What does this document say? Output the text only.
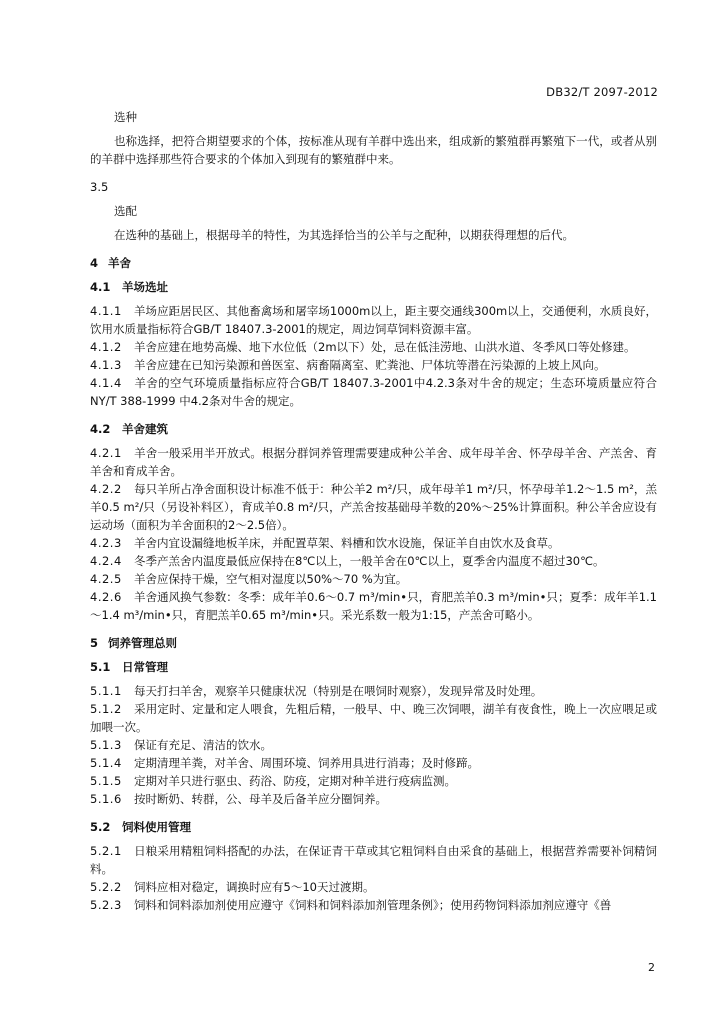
DB32/T 2097-2012

选种

也称选择，把符合期望要求的个体，按标准从现有羊群中选出来，组成新的繁殖群再繁殖下一代，或者从别的羊群中选择那些符合要求的个体加入到现有的繁殖群中来。

3.5

选配

在选种的基础上，根据母羊的特性，为其选择恰当的公羊与之配种，以期获得理想的后代。

4 羊舍

4.1 羊场选址

4.1.1 羊场应距居民区、其他畜禽场和屠宰场1000m以上，距主要交通线300m以上，交通便利，水质良好，饮用水质量指标符合GB/T 18407.3-2001的规定，周边饲草饲料资源丰富。

4.1.2 羊舍应建在地势高燥、地下水位低（2m以下）处，忌在低洼涝地、山洪水道、冬季风口等处修建。

4.1.3 羊舍应建在已知污染源和兽医室、病畜隔离室、贮粪池、尸体坑等潜在污染源的上坡上风向。

4.1.4 羊舍的空气环境质量指标应符合GB/T 18407.3-2001中4.2.3条对牛舍的规定；生态环境质量应符合NY/T 388-1999 中4.2条对牛舍的规定。

4.2 羊舍建筑

4.2.1 羊舍一般采用半开放式。根据分群饲养管理需要建成种公羊舍、成年母羊舍、怀孕母羊舍、产羔舍、育羊舍和育成羊舍。

4.2.2 每只羊所占净舍面积设计标准不低于：种公羊2 m²/只，成年母羊1 m²/只，怀孕母羊1.2～1.5 m²，羔羊0.5 m²/只（另设补料区），育成羊0.8 m²/只，产羔舍按基础母羊数的20%～25%计算面积。种公羊舍应设有运动场（面积为羊舍面积的2～2.5倍）。

4.2.3 羊舍内宜设漏缝地板羊床，并配置草架、料槽和饮水设施，保证羊自由饮水及食草。

4.2.4 冬季产羔舍内温度最低应保持在8℃以上，一般羊舍在0℃以上，夏季舍内温度不超过30℃。

4.2.5 羊舍应保持干燥，空气相对湿度以50%～70 %为宜。

4.2.6 羊舍通风换气参数：冬季：成年羊0.6～0.7 m³/min•只，育肥羔羊0.3 m³/min•只；夏季：成年羊1.1～1.4 m³/min•只，育肥羔羊0.65 m³/min•只。采光系数一般为1:15，产羔舍可略小。

5 饲养管理总则

5.1 日常管理

5.1.1 每天打扫羊舍，观察羊只健康状况（特别是在喂饲时观察），发现异常及时处理。

5.1.2 采用定时、定量和定人喂食，先粗后精，一般早、中、晚三次饲喂，湖羊有夜食性，晚上一次应喂足或加喂一次。

5.1.3 保证有充足、清洁的饮水。

5.1.4 定期清理羊粪，对羊舍、周围环境、饲养用具进行消毒；及时修蹄。

5.1.5 定期对羊只进行驱虫、药浴、防疫，定期对种羊进行疫病监测。

5.1.6 按时断奶、转群，公、母羊及后备羊应分圈饲养。

5.2 饲料使用管理

5.2.1 日粮采用精粗饲料搭配的办法，在保证青干草或其它粗饲料自由采食的基础上，根据营养需要补饲精饲料。

5.2.2 饲料应相对稳定，调换时应有5～10天过渡期。

5.2.3 饲料和饲料添加剂使用应遵守《饲料和饲料添加剂管理条例》；使用药物饲料添加剂应遵守《兽

2
